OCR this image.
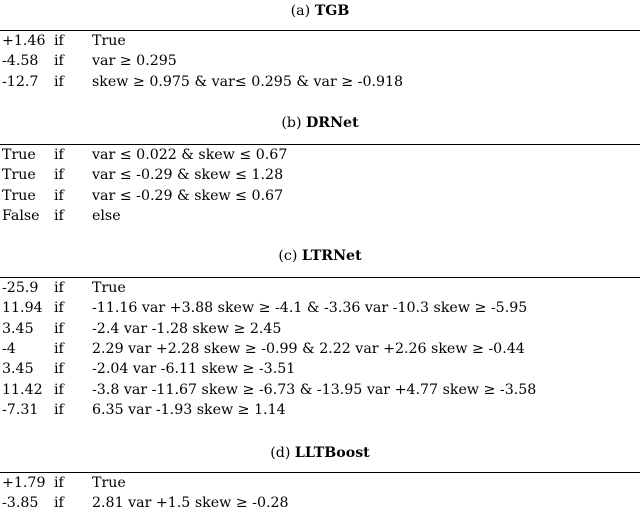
(a) TGB
+1.46	if	True
-4.58	if	var ≥ 0.295
-12.7	if	skew ≥ 0.975 & var≤ 0.295 & var ≥ -0.918
(b) DRNet
True	if	var ≤ 0.022 & skew ≤ 0.67
True	if	var ≤ -0.29 & skew ≤ 1.28
True	if	var ≤ -0.29 & skew ≤ 0.67
False	if	else
(c) LTRNet
-25.9	if	True
11.94	if	-11.16 var +3.88 skew ≥ -4.1 & -3.36 var -10.3 skew ≥ -5.95
3.45	if	-2.4 var -1.28 skew ≥ 2.45
-4	if	2.29 var +2.28 skew ≥ -0.99 & 2.22 var +2.26 skew ≥ -0.44
3.45	if	-2.04 var -6.11 skew ≥ -3.51
11.42	if	-3.8 var -11.67 skew ≥ -6.73 & -13.95 var +4.77 skew ≥ -3.58
-7.31	if	6.35 var -1.93 skew ≥ 1.14
(d) LLTBoost
+1.79	if	True
-3.85	if	2.81 var +1.5 skew ≥ -0.28
